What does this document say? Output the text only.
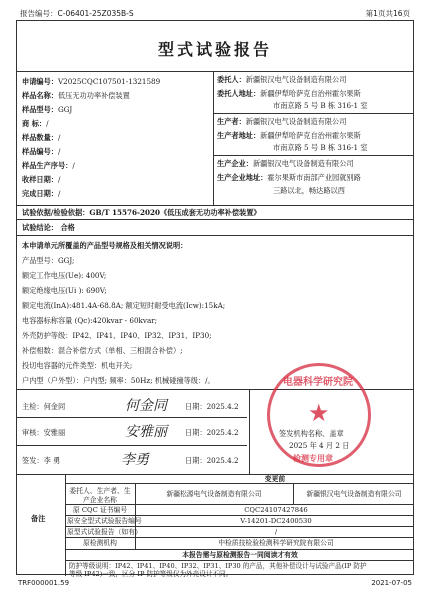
报告编号：C-06401-25Z035B-S	第1页共16页
型式试验报告
申请编号：V2025CQC107501-1321589
样品名称：低压无功功率补偿装置
样品型号：GGJ
商 标：/
样品数量：/
样品编号：/
样品生产序号：/
收样日期：/
完成日期：/
委托人：新疆银汉电气设备制造有限公司
委托人地址：新疆伊犁哈萨克自治州霍尔果斯
市南京路 5 号 B 栋 316-1 室
生产者：新疆银汉电气设备制造有限公司
生产者地址：新疆伊犁哈萨克自治州霍尔果斯
市南京路 5 号 B 栋 316-1 室
生产企业：新疆银汉电气设备制造有限公司
生产企业地址：霍尔果斯市南部产业园就别路
三路以北，畅达路以西
试验依据/检验依据：GB/T 15576-2020《低压成套无功功率补偿装置》
试验结论： 合格
本申请单元所覆盖的产品型号规格及相关情况说明：
产品型号：GGJ;
额定工作电压(Ue): 400V;
额定绝缘电压(Ui ): 690V;
额定电流(InA):481.4A-68.8A; 额定短时耐受电流(Icw):15kA;
电容器标称容量 (Qc):420kvar - 60kvar;
外壳防护等级：IP42、IP41、IP40、IP32、IP31、IP30;
补偿相数：混合补偿方式（单相、三相混合补偿）;
投切电容器的元件类型：机电开关;
户内型（户外型）：户内型; 频率：50Hz; 机械碰撞等级：/。
主检：何金同	何金同	日期：2025.4.2
审核：安雅丽	安雅丽	日期：2025.4.2
签发：李 勇	李勇	日期：2025.4.2
电器科学研究院
★
签发机构名称、盖章
2025 年 4 月 2 日
检测专用章
备注
变更前
委托人、生产者、生产企业名称
新疆松源电气设备制造有限公司	新疆银汉电气设备制造有限公司
原 CQC 证书编号	CQC24107427846
原安全型式试验报告编号	V-14201-DC2400530
原型式试验报告（如有）	/
原检测机构	中检质技检验检测科学研究院有限公司
本报告需与原检测报告一同阅读才有效
防护等级说明：IP42、IP41、IP40、IP32、IP31、IP30 的产品，其他补偿设计与试验产品(IP 防护
等级 IP42)一致，区分 IP 防护等级仅为外壳设计不同。
TRF000001.59	2021-07-05
